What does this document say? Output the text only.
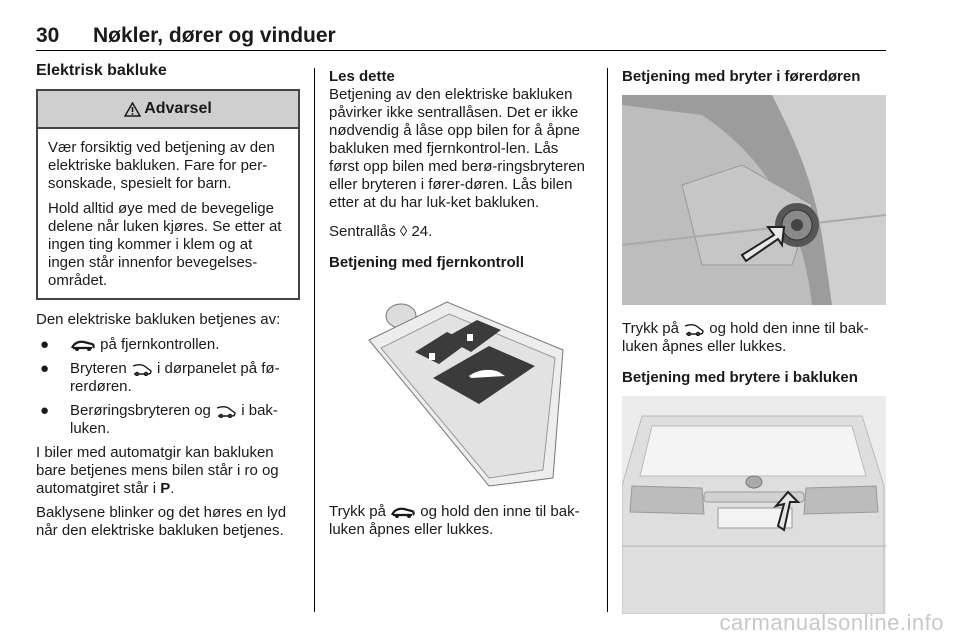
30 Nøkler, dører og vinduer
Elektrisk bakluke
Advarsel

Vær forsiktig ved betjening av den elektriske bakluken. Fare for per-sonskade, spesielt for barn.

Hold alltid øye med de bevegelige delene når luken kjøres. Se etter at ingen ting kommer i klem og at ingen står innenfor bevegelses-området.

Den elektriske bakluken betjenes av:

●	på fjernkontrollen.
● Bryteren  i dørpanelet på fø-rerdøren.
● Berøringsbryteren og  i bak-luken.

I biler med automatgir kan bakluken bare betjenes mens bilen står i ro og automatgiret står i P.

Baklysene blinker og det høres en lyd når den elektriske bakluken betjenes.

Les dette

Betjening av den elektriske bakluken påvirker ikke sentrallåsen. Det er ikke nødvendig å låse opp bilen for å åpne bakluken med fjernkontrol-len. Lås først opp bilen med berø-ringsbryteren eller bryteren i fører-døren. Lås bilen etter at du har luk-ket bakluken.

Sentrallås ◊ 24.

Betjening med fjernkontroll

Trykk på  og hold den inne til bak-luken åpnes eller lukkes.

Betjening med bryter i førerdøren

Trykk på  og hold den inne til bak-luken åpnes eller lukkes.

Betjening med brytere i bakluken
carmanualsonline.info
